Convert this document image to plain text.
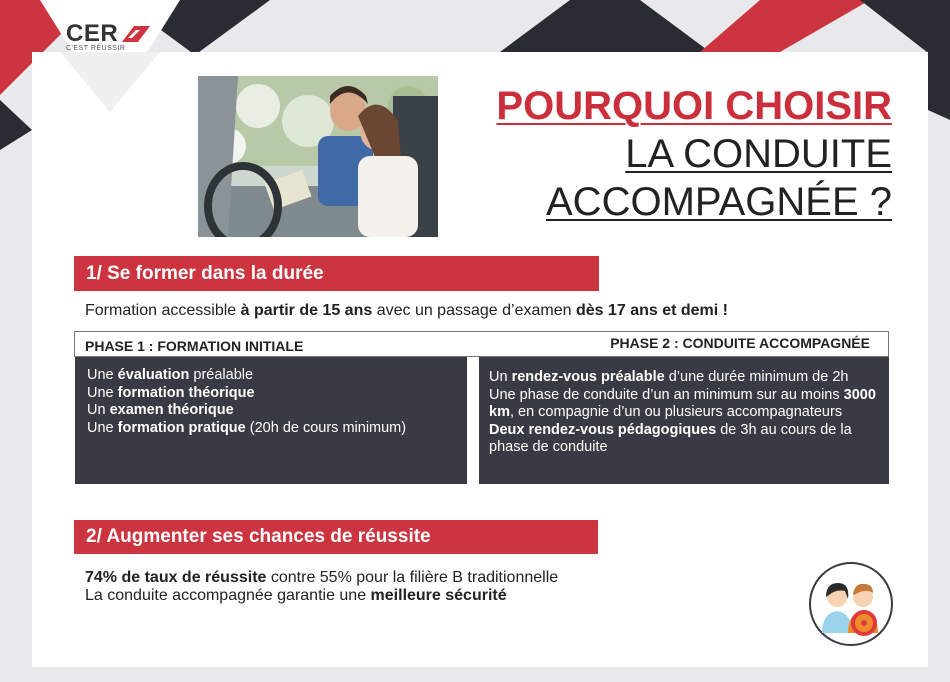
CER
C'EST RÉUSSIR
POURQUOI CHOISIR
LA CONDUITE
ACCOMPAGNÉE ?
1/ Se former dans la durée
Formation accessible à partir de 15 ans avec un passage d’examen dès 17 ans et demi !
PHASE 1 : FORMATION INITIALE	PHASE 2 : CONDUITE ACCOMPAGNÉE
Une évaluation préalable
Une formation théorique
Un examen théorique
Une formation pratique (20h de cours minimum)
Un rendez-vous préalable d’une durée minimum de 2h
Une phase de conduite d’un an minimum sur au moins 3000 km, en compagnie d’un ou plusieurs accompagnateurs
Deux rendez-vous pédagogiques de 3h au cours de la phase de conduite
2/ Augmenter ses chances de réussite
74% de taux de réussite contre 55% pour la filière B traditionnelle
La conduite accompagnée garantie une meilleure sécurité
